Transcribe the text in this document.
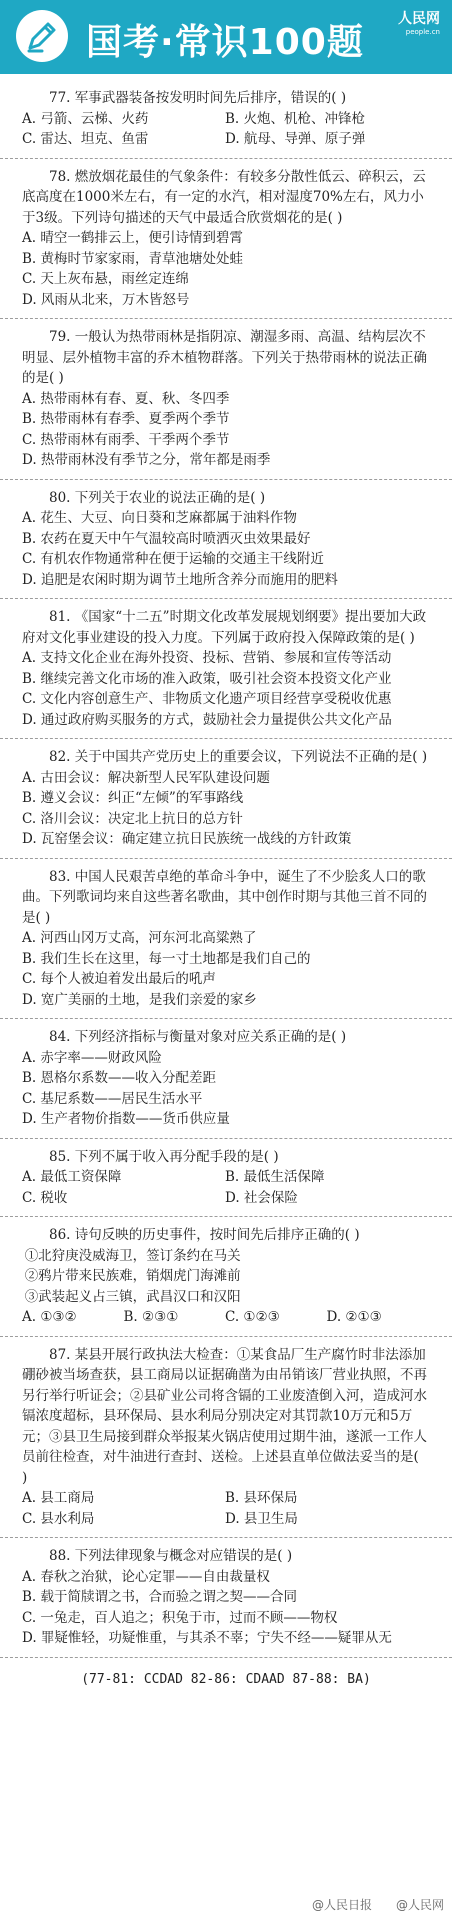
国考·常识100题
人民网
people.cn

77. 军事武器装备按发明时间先后排序，错误的( )

A. 弓箭、云梯、火药	B. 火炮、机枪、冲锋枪
C. 雷达、坦克、鱼雷	D. 航母、导弹、原子弹

78. 燃放烟花最佳的气象条件：有较多分散性低云、碎积云，云底高度在1000米左右，有一定的水汽，相对湿度70%左右，风力小于3级。下列诗句描述的天气中最适合欣赏烟花的是( )

A. 晴空一鹤排云上，便引诗情到碧霄

B. 黄梅时节家家雨，青草池塘处处蛙

C. 天上灰布悬，雨丝定连绵

D. 风雨从北来，万木皆怒号

79. 一般认为热带雨林是指阴凉、潮湿多雨、高温、结构层次不明显、层外植物丰富的乔木植物群落。下列关于热带雨林的说法正确的是( )

A. 热带雨林有春、夏、秋、冬四季

B. 热带雨林有春季、夏季两个季节

C. 热带雨林有雨季、干季两个季节

D. 热带雨林没有季节之分，常年都是雨季

80. 下列关于农业的说法正确的是( )

A. 花生、大豆、向日葵和芝麻都属于油料作物

B. 农药在夏天中午气温较高时喷洒灭虫效果最好

C. 有机农作物通常种在便于运输的交通主干线附近

D. 追肥是农闲时期为调节土地所含养分而施用的肥料

81. 《国家“十二五”时期文化改革发展规划纲要》提出要加大政府对文化事业建设的投入力度。下列属于政府投入保障政策的是( )

A. 支持文化企业在海外投资、投标、营销、参展和宣传等活动

B. 继续完善文化市场的准入政策，吸引社会资本投资文化产业

C. 文化内容创意生产、非物质文化遗产项目经营享受税收优惠

D. 通过政府购买服务的方式，鼓励社会力量提供公共文化产品

82. 关于中国共产党历史上的重要会议，下列说法不正确的是( )

A. 古田会议：解决新型人民军队建设问题

B. 遵义会议：纠正“左倾”的军事路线

C. 洛川会议：决定北上抗日的总方针

D. 瓦窑堡会议：确定建立抗日民族统一战线的方针政策

83. 中国人民艰苦卓绝的革命斗争中，诞生了不少脍炙人口的歌曲。下列歌词均来自这些著名歌曲，其中创作时期与其他三首不同的是( )

A. 河西山冈万丈高，河东河北高粱熟了

B. 我们生长在这里，每一寸土地都是我们自己的

C. 每个人被迫着发出最后的吼声

D. 宽广美丽的土地，是我们亲爱的家乡

84. 下列经济指标与衡量对象对应关系正确的是( )

A. 赤字率——财政风险

B. 恩格尔系数——收入分配差距

C. 基尼系数——居民生活水平

D. 生产者物价指数——货币供应量

85. 下列不属于收入再分配手段的是( )

A. 最低工资保障	B. 最低生活保障
C. 税收	D. 社会保险

86. 诗句反映的历史事件，按时间先后排序正确的( )

①北狩庚没威海卫，签订条约在马关

②鸦片带来民族难，销烟虎门海滩前

③武装起义占三镇，武昌汉口和汉阳

A. ①③②	B. ②③①	C. ①②③	D. ②①③

87. 某县开展行政执法大检查：①某食品厂生产腐竹时非法添加硼砂被当场查获，县工商局以证据确凿为由吊销该厂营业执照，不再另行举行听证会；②县矿业公司将含镉的工业废渣倒入河，造成河水镉浓度超标，县环保局、县水利局分别决定对其罚款10万元和5万元；③县卫生局接到群众举报某火锅店使用过期牛油，遂派一工作人员前往检查，对牛油进行查封、送检。上述县直单位做法妥当的是( )

A. 县工商局	B. 县环保局
C. 县水利局	D. 县卫生局

88. 下列法律现象与概念对应错误的是( )

A. 春秋之治狱，论心定罪——自由裁量权

B. 载于简牍谓之书，合而验之谓之契——合同

C. 一兔走，百人追之；积兔于市，过而不顾——物权

D. 罪疑惟轻，功疑惟重，与其杀不辜；宁失不经——疑罪从无

(77-81: CCDAD 82-86: CDAAD 87-88: BA)
@人民日报 @人民网
